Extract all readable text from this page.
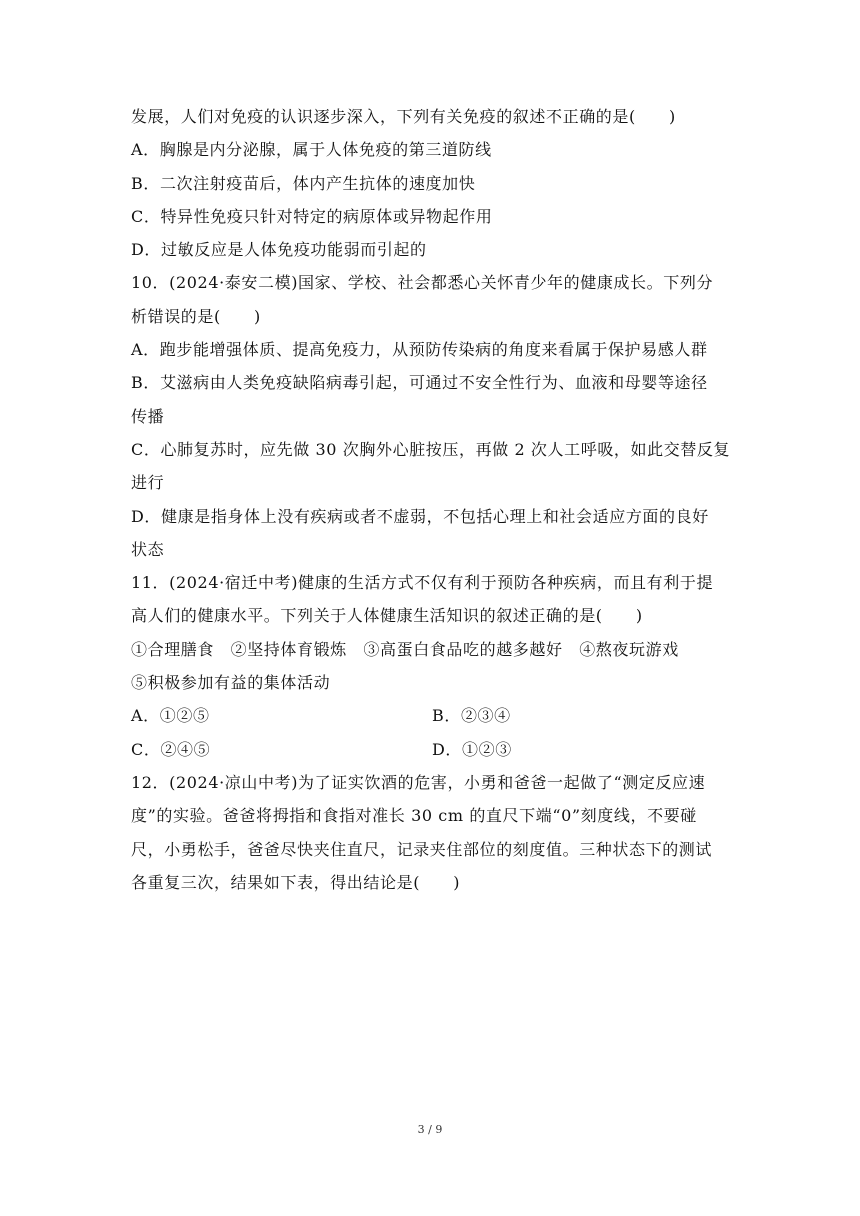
发展，人们对免疫的认识逐步深入，下列有关免疫的叙述不正确的是(　　)
A．胸腺是内分泌腺，属于人体免疫的第三道防线
B．二次注射疫苗后，体内产生抗体的速度加快
C．特异性免疫只针对特定的病原体或异物起作用
D．过敏反应是人体免疫功能弱而引起的
10．(2024·泰安二模)国家、学校、社会都悉心关怀青少年的健康成长。下列分
析错误的是(　　)
A．跑步能增强体质、提高免疫力，从预防传染病的角度来看属于保护易感人群
B．艾滋病由人类免疫缺陷病毒引起，可通过不安全性行为、血液和母婴等途径
传播
C．心肺复苏时，应先做 30 次胸外心脏按压，再做 2 次人工呼吸，如此交替反复
进行
D．健康是指身体上没有疾病或者不虚弱，不包括心理上和社会适应方面的良好
状态
11．(2024·宿迁中考)健康的生活方式不仅有利于预防各种疾病，而且有利于提
高人们的健康水平。下列关于人体健康生活知识的叙述正确的是(　　)
①合理膳食　②坚持体育锻炼　③高蛋白食品吃的越多越好　④熬夜玩游戏
⑤积极参加有益的集体活动
A．①②⑤	B．②③④
C．②④⑤	D．①②③
12．(2024·凉山中考)为了证实饮酒的危害，小勇和爸爸一起做了“测定反应速
度”的实验。爸爸将拇指和食指对准长 30 cm 的直尺下端“0”刻度线，不要碰
尺，小勇松手，爸爸尽快夹住直尺，记录夹住部位的刻度值。三种状态下的测试
各重复三次，结果如下表，得出结论是(　　)
3 / 9
